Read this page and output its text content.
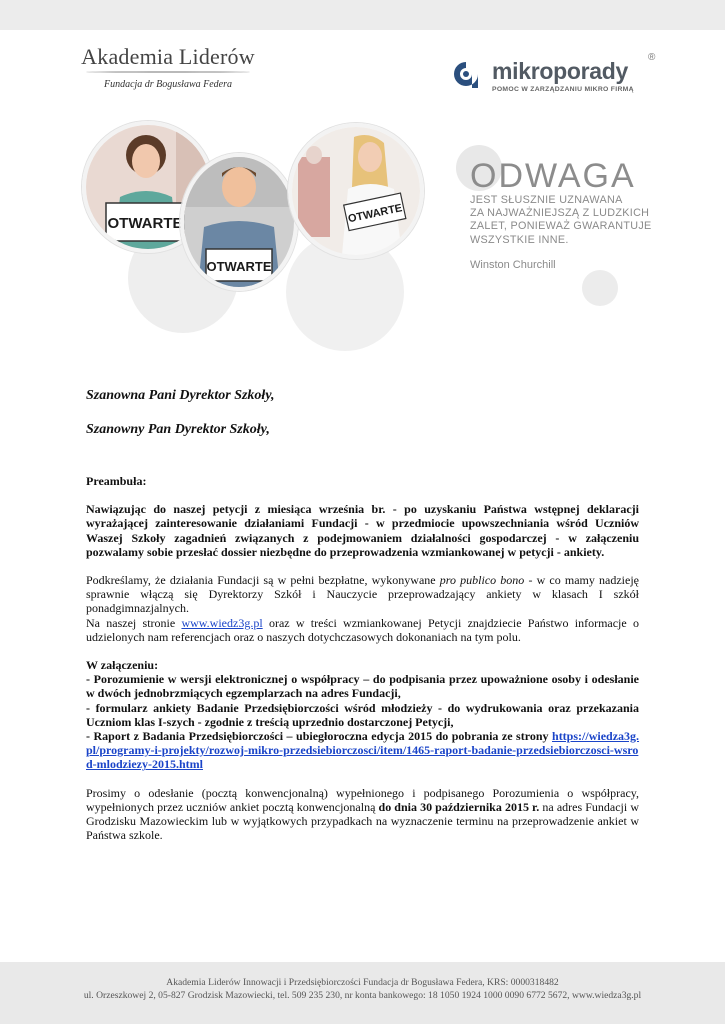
Akademia Liderów
Fundacja dr Bogusława Federa
mikroporady
®
POMOC W ZARZĄDZANIU MIKRO FIRMĄ
OTWARTE
OTWARTE
OTWARTE
ODWAGA
JEST SŁUSZNIE UZNAWANA
ZA NAJWAŻNIEJSZĄ Z LUDZKICH
ZALET, PONIEWAŻ GWARANTUJE
WSZYSTKIE INNE.
Winston Churchill
Szanowna Pani Dyrektor Szkoły,
Szanowny Pan Dyrektor Szkoły,

Preambuła:

Nawiązując do naszej petycji z miesiąca września br. - po uzyskaniu Państwa wstępnej deklaracji wyrażającej zainteresowanie działaniami Fundacji - w przedmiocie upowszechniania wśród Uczniów Waszej Szkoły zagadnień związanych z podejmowaniem działalności gospodarczej - w załączeniu pozwalamy sobie przesłać dossier niezbędne do przeprowadzenia wzmiankowanej w petycji - ankiety.

Podkreślamy, że działania Fundacji są w pełni bezpłatne, wykonywane pro publico bono - w co mamy nadzieję sprawnie włączą się Dyrektorzy Szkół i Nauczycie przeprowadzający ankiety w klasach I szkół ponadgimnazjalnych.

Na naszej stronie www.wiedz3g.pl oraz w treści wzmiankowanej Petycji znajdziecie Państwo informacje o udzielonych nam referencjach oraz o naszych dotychczasowych dokonaniach na tym polu.

W załączeniu:

- Porozumienie w wersji elektronicznej o współpracy – do podpisania przez upoważnione osoby i odesłanie w dwóch jednobrzmiących egzemplarzach na adres Fundacji,

- formularz ankiety Badanie Przedsiębiorczości wśród młodzieży - do wydrukowania oraz przekazania Uczniom klas I-szych - zgodnie z treścią uprzednio dostarczonej Petycji,

- Raport z Badania Przedsiębiorczości – ubiegłoroczna edycja 2015 do pobrania ze strony https://wiedza3g.pl/programy-i-projekty/rozwoj-mikro-przedsiebiorczosci/item/1465-raport-badanie-przedsiebiorczosci-wsrod-mlodziezy-2015.html

Prosimy o odesłanie (pocztą konwencjonalną) wypełnionego i podpisanego Porozumienia o współpracy, wypełnionych przez uczniów ankiet pocztą konwencjonalną do dnia 30 października 2015 r. na adres Fundacji w Grodzisku Mazowieckim lub w wyjątkowych przypadkach na wyznaczenie terminu na przeprowadzenie ankiet w Państwa szkole.

Akademia Liderów Innowacji i Przedsiębiorczości Fundacja dr Bogusława Federa, KRS: 0000318482
ul. Orzeszkowej 2, 05-827 Grodzisk Mazowiecki, tel. 509 235 230, nr konta bankowego: 18 1050 1924 1000 0090 6772 5672, www.wiedza3g.pl
